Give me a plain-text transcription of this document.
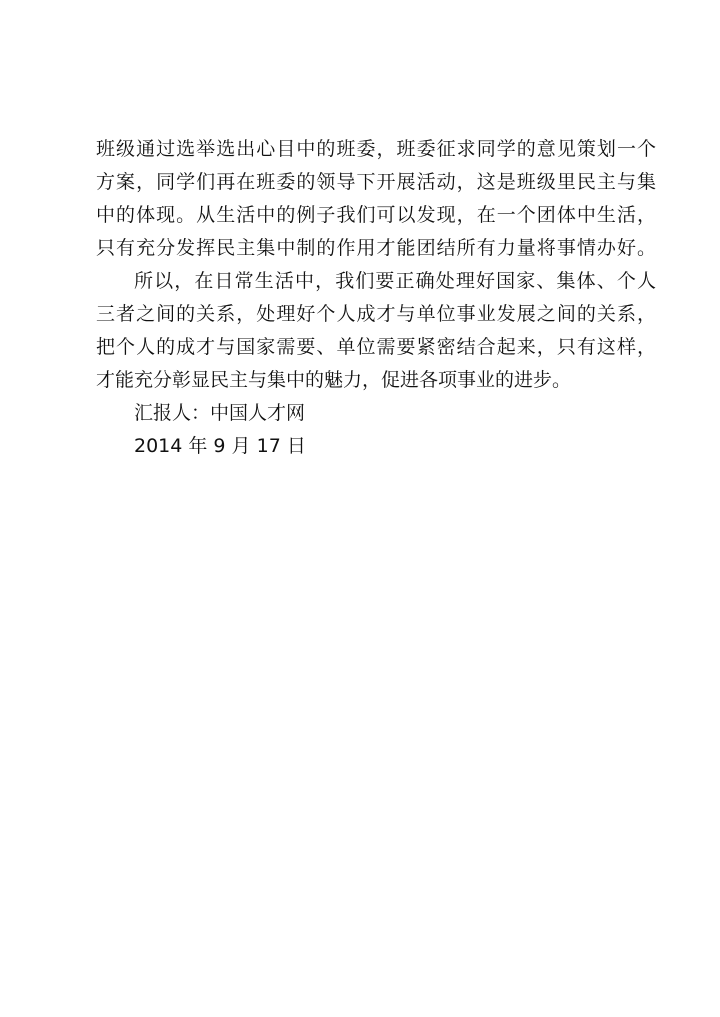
班级通过选举选出心目中的班委，班委征求同学的意见策划一个
方案，同学们再在班委的领导下开展活动，这是班级里民主与集
中的体现。从生活中的例子我们可以发现，在一个团体中生活，
只有充分发挥民主集中制的作用才能团结所有力量将事情办好。
所以，在日常生活中，我们要正确处理好国家、集体、个人
三者之间的关系，处理好个人成才与单位事业发展之间的关系，
把个人的成才与国家需要、单位需要紧密结合起来，只有这样，
才能充分彰显民主与集中的魅力，促进各项事业的进步。
汇报人：中国人才网
2014 年 9 月 17 日
